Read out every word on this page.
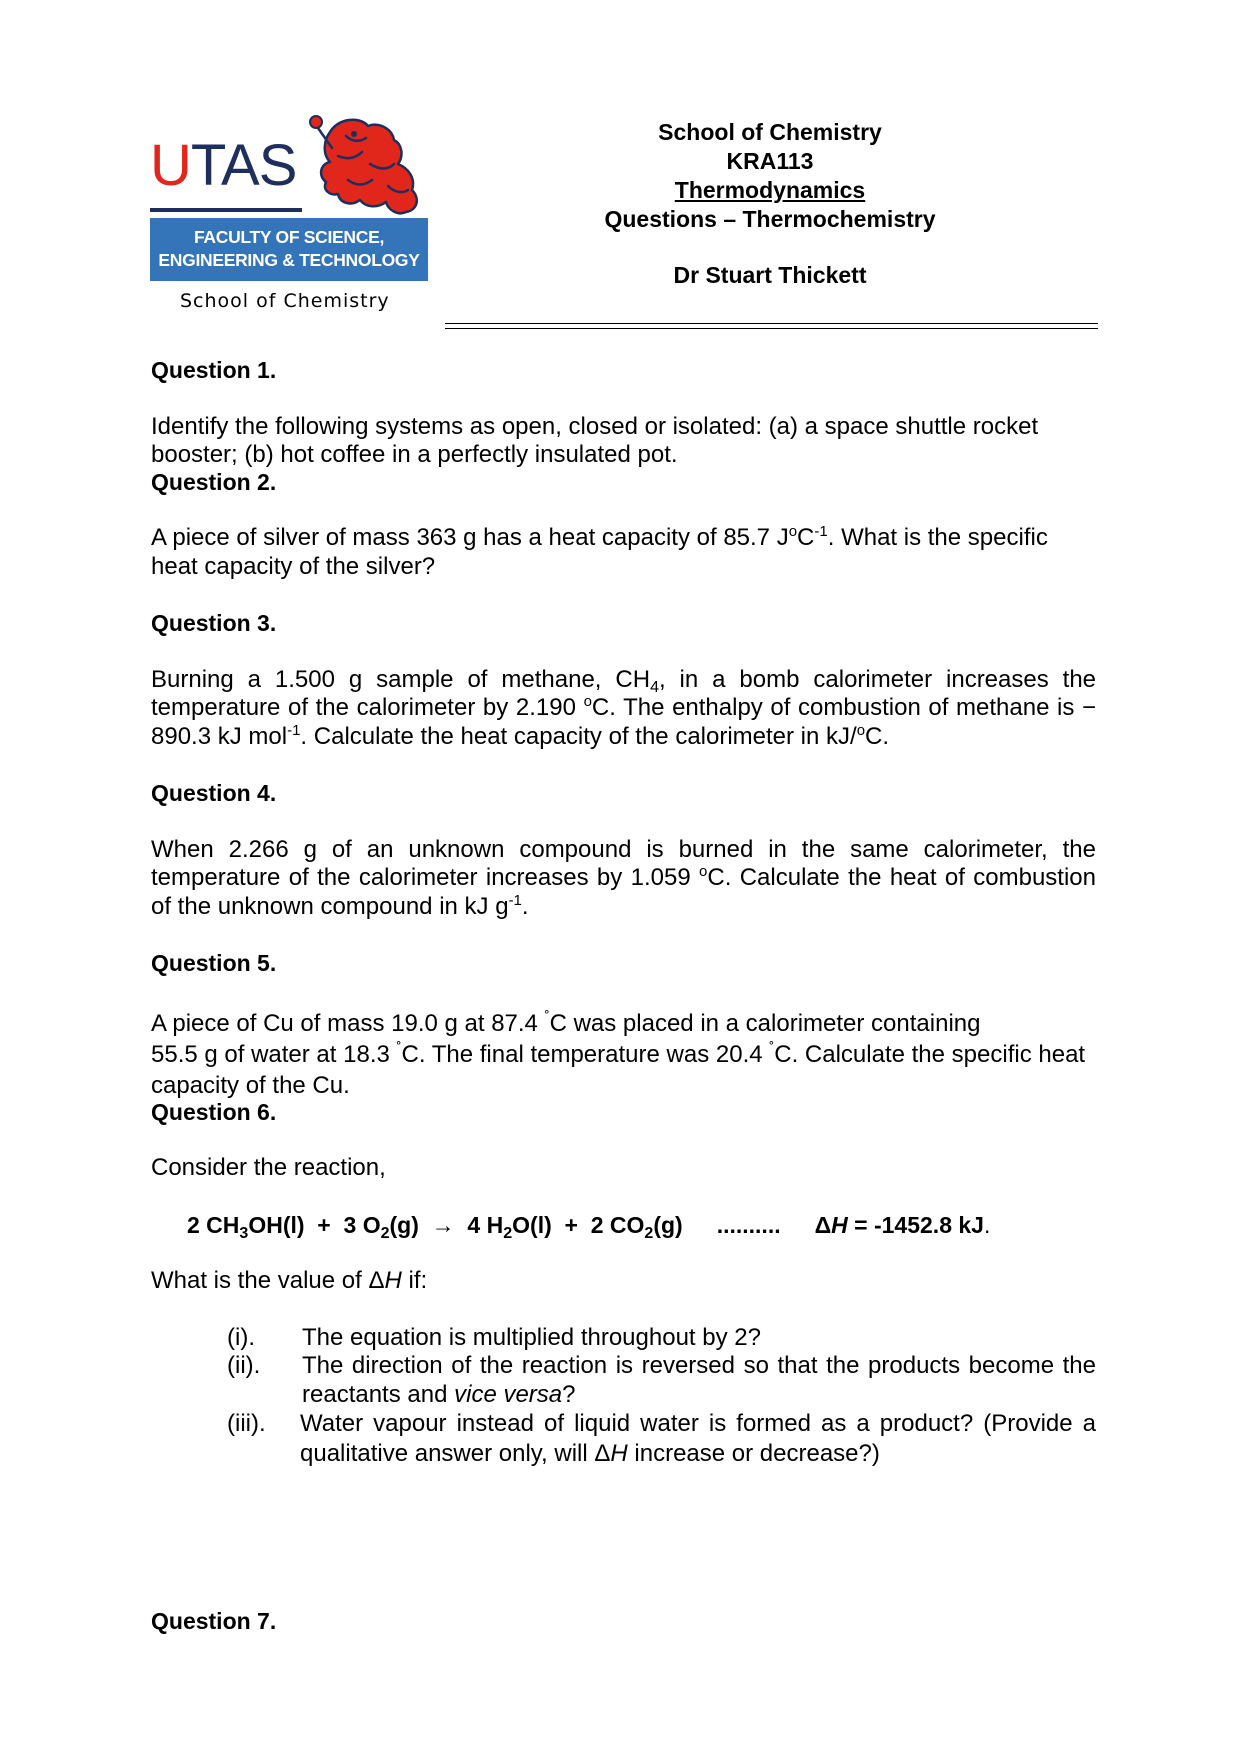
UTAS
FACULTY OF SCIENCE,
ENGINEERING & TECHNOLOGY
School of Chemistry
School of Chemistry
KRA113
Thermodynamics
Questions – Thermochemistry
Dr Stuart Thickett

Question 1.

Identify the following systems as open, closed or isolated: (a) a space shuttle rocket booster; (b) hot coffee in a perfectly insulated pot.

Question 2.

A piece of silver of mass 363 g has a heat capacity of 85.7 $J^oC^{-1}$. What is the specific heat capacity of the silver?

Question 3.

Burning a 1.500 g sample of methane, $CH_4$, in a bomb calorimeter increases the temperature of the calorimeter by 2.190 $^o$C. The enthalpy of combustion of methane is − 890.3 kJ mol$^{-1}$. Calculate the heat capacity of the calorimeter in kJ/$^o$C.

Question 4.

When 2.266 g of an unknown compound is burned in the same calorimeter, the temperature of the calorimeter increases by 1.059 $^o$C. Calculate the heat of combustion of the unknown compound in kJ $g^{-1}$.

Question 5.

A piece of Cu of mass 19.0 g at 87.4 ˚C was placed in a calorimeter containing
55.5 g of water at 18.3 ˚C. The final temperature was 20.4 ˚C. Calculate the specific heat capacity of the Cu.

Question 6.

Consider the reaction,

2 $CH_3OH(l) + 3$ $O_2(g) \to 4$ $H_2O(l) + 2$ $CO_2(g)$ .......... ΔH = -1452.8 kJ.

What is the value of ΔH if:

(i).	The equation is multiplied throughout by 2?
(ii).	The direction of the reaction is reversed so that the products become the reactants and vice versa?
(iii).	Water vapour instead of liquid water is formed as a product? (Provide a qualitative answer only, will ΔH increase or decrease?)

Question 7.
